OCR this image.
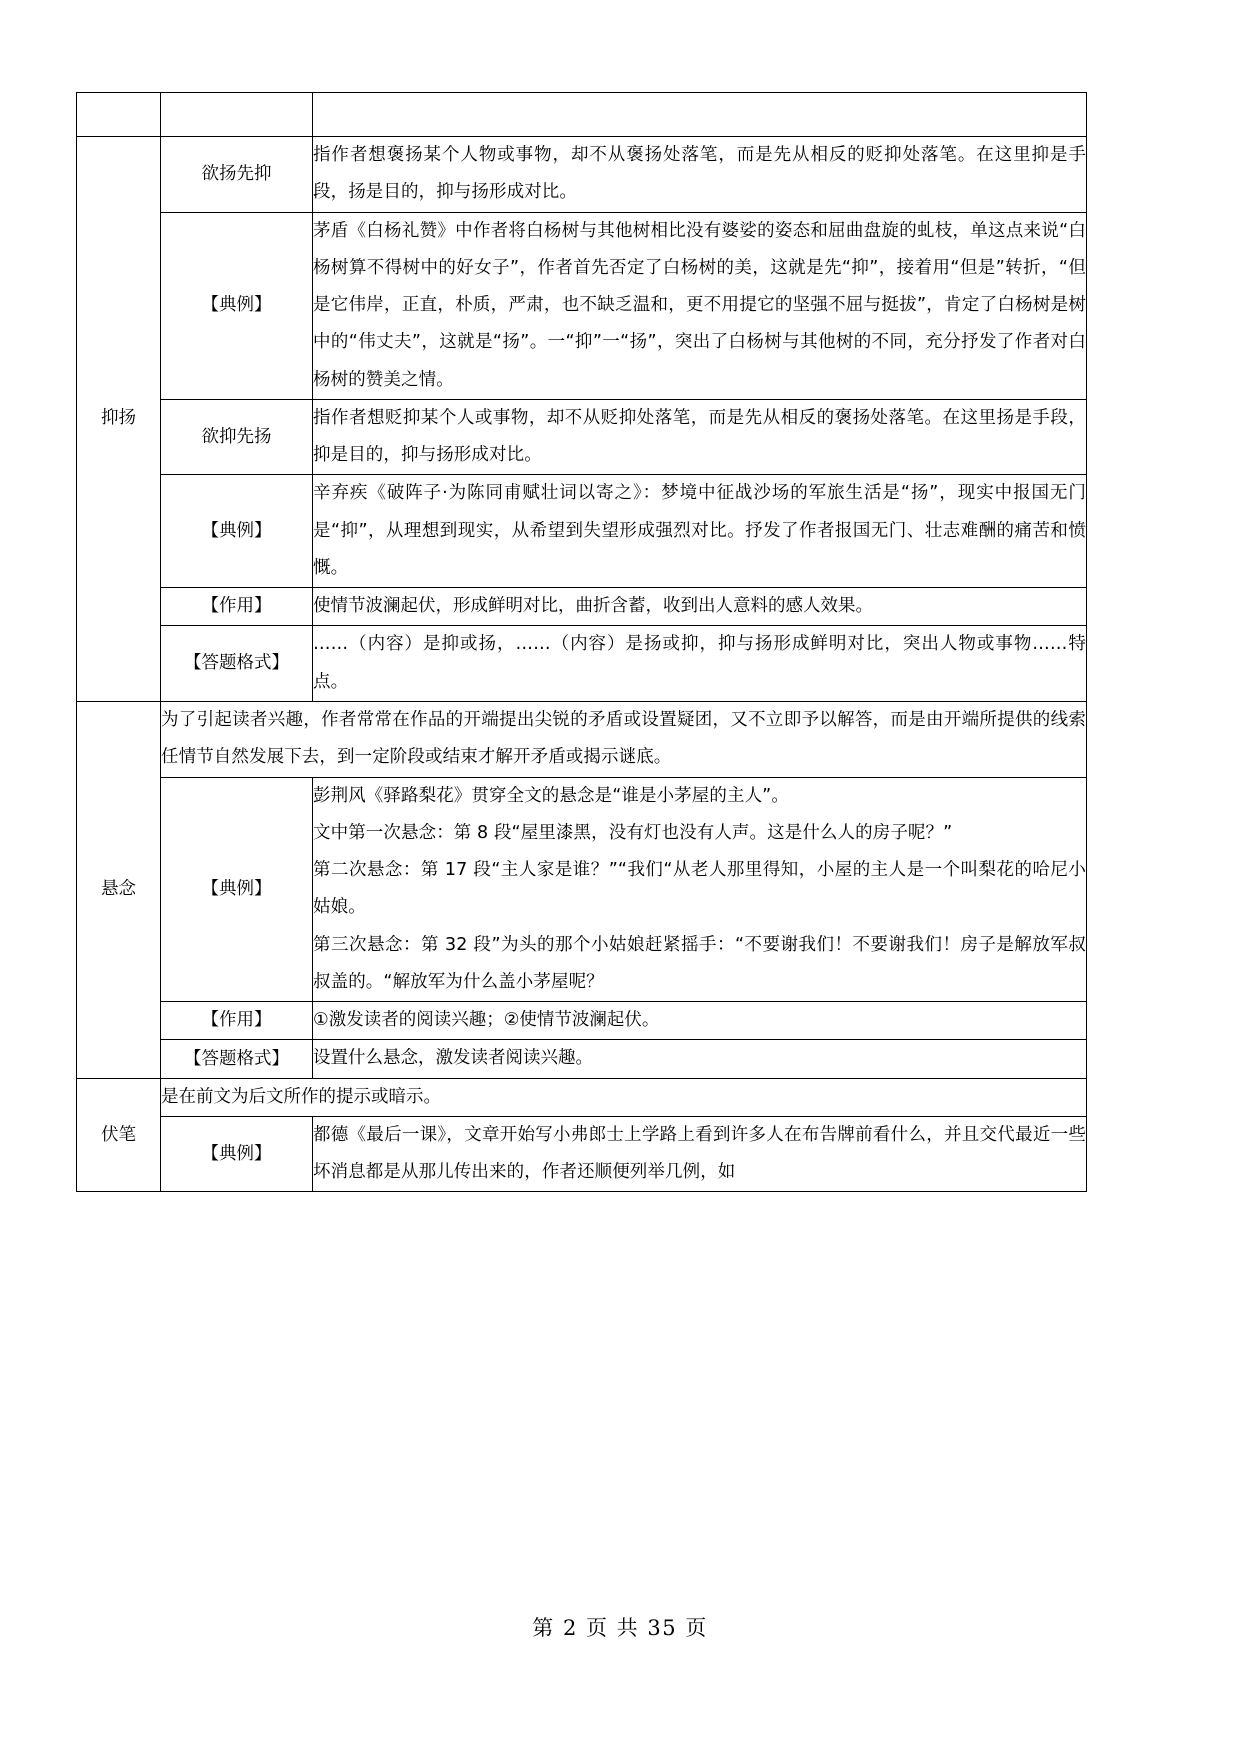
抑扬	欲扬先抑	指作者想褒扬某个人物或事物，却不从褒扬处落笔，而是先从相反的贬抑处落笔。在这里抑是手段，扬是目的，抑与扬形成对比。
	【典例】	茅盾《白杨礼赞》中作者将白杨树与其他树相比没有婆娑的姿态和屈曲盘旋的虬枝，单这点来说“白杨树算不得树中的好女子”，作者首先否定了白杨树的美，这就是先“抑”，接着用“但是”转折，“但是它伟岸，正直，朴质，严肃，也不缺乏温和，更不用提它的坚强不屈与挺拔”，肯定了白杨树是树中的“伟丈夫”，这就是“扬”。一“抑”一“扬”，突出了白杨树与其他树的不同，充分抒发了作者对白杨树的赞美之情。
	欲抑先扬	指作者想贬抑某个人或事物，却不从贬抑处落笔，而是先从相反的褒扬处落笔。在这里扬是手段，抑是目的，抑与扬形成对比。
	【典例】	辛弃疾《破阵子·为陈同甫赋壮词以寄之》：梦境中征战沙场的军旅生活是“扬”，现实中报国无门是“抑”，从理想到现实，从希望到失望形成强烈对比。抒发了作者报国无门、壮志难酬的痛苦和愤慨。
	【作用】	使情节波澜起伏，形成鲜明对比，曲折含蓄，收到出人意料的感人效果。
	【答题格式】	……（内容）是抑或扬，……（内容）是扬或抑，抑与扬形成鲜明对比，突出人物或事物……特点。
悬念	为了引起读者兴趣，作者常常在作品的开端提出尖锐的矛盾或设置疑团，又不立即予以解答，而是由开端所提供的线索任情节自然发展下去，到一定阶段或结束才解开矛盾或揭示谜底。	
	【典例】	彭荆风《驿路梨花》贯穿全文的悬念是“谁是小茅屋的主人”。
文中第一次悬念：第 8 段“屋里漆黑，没有灯也没有人声。这是什么人的房子呢？”
第二次悬念：第 17 段“主人家是谁？”“我们“从老人那里得知，小屋的主人是一个叫梨花的哈尼小姑娘。
第三次悬念：第 32 段”为头的那个小姑娘赶紧摇手：“不要谢我们！不要谢我们！房子是解放军叔叔盖的。“解放军为什么盖小茅屋呢？

	【作用】	①激发读者的阅读兴趣；②使情节波澜起伏。
	【答题格式】	设置什么悬念，激发读者阅读兴趣。
伏笔	是在前文为后文所作的提示或暗示。	
	【典例】	都德《最后一课》，文章开始写小弗郎士上学路上看到许多人在布告牌前看什么，并且交代最近一些坏消息都是从那儿传出来的，作者还顺便列举几例，如
第 2 页 共 35 页
